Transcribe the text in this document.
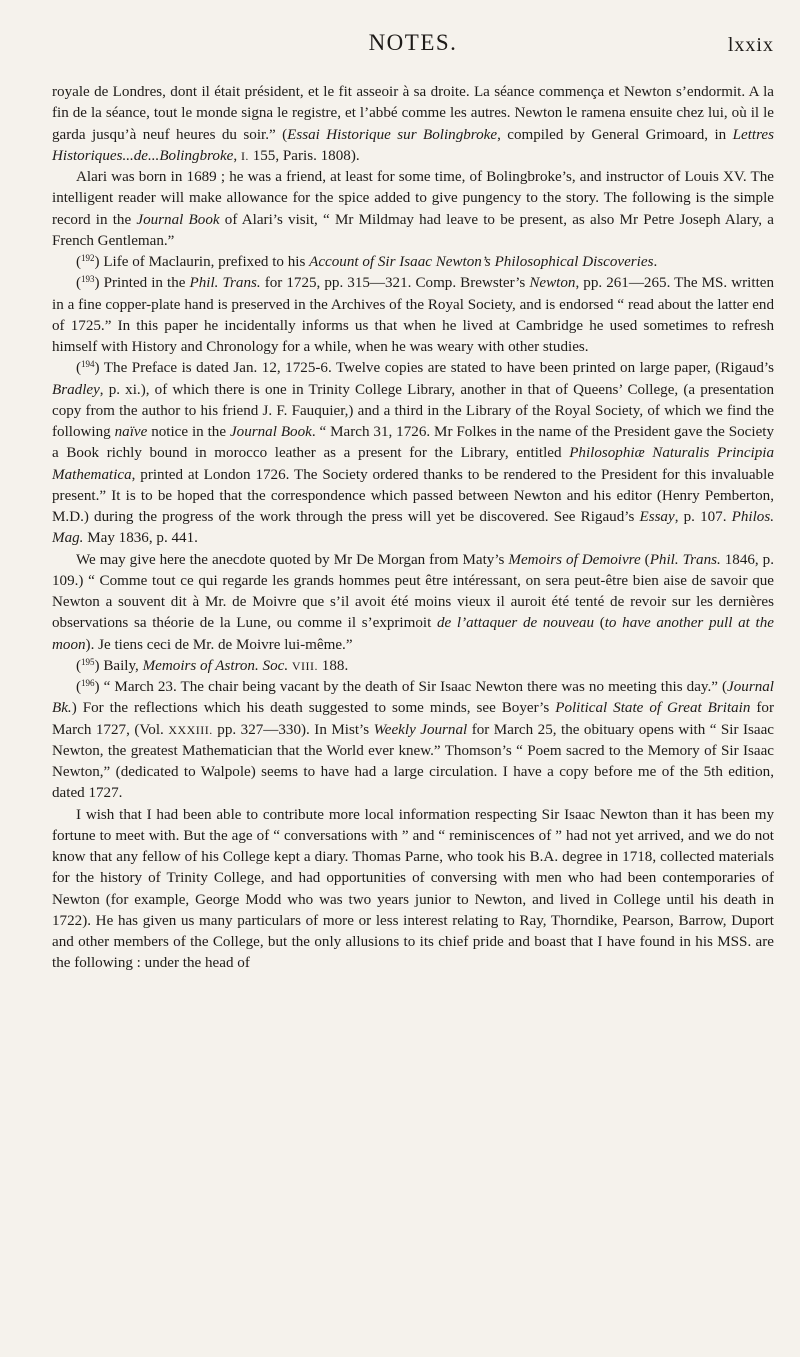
NOTES.	lxxix

royale de Londres, dont il était président, et le fit asseoir à sa droite. La séance commença et Newton s’endormit. A la fin de la séance, tout le monde signa le registre, et l’abbé comme les autres. Newton le ramena ensuite chez lui, où il le garda jusqu’à neuf heures du soir.” (Essai Historique sur Bolingbroke, compiled by General Grimoard, in Lettres Historiques...de...Bolingbroke, I. 155, Paris. 1808).

Alari was born in 1689 ; he was a friend, at least for some time, of Bolingbroke’s, and instructor of Louis XV. The intelligent reader will make allowance for the spice added to give pungency to the story. The following is the simple record in the Journal Book of Alari’s visit, “ Mr Mildmay had leave to be present, as also Mr Petre Joseph Alary, a French Gentleman.”

($^{192}$) Life of Maclaurin, prefixed to his Account of Sir Isaac Newton’s Philosophical Discoveries.

($^{193}$) Printed in the Phil. Trans. for 1725, pp. 315—321. Comp. Brewster’s Newton, pp. 261—265. The MS. written in a fine copper-plate hand is preserved in the Archives of the Royal Society, and is endorsed “ read about the latter end of 1725.” In this paper he incidentally informs us that when he lived at Cambridge he used sometimes to refresh himself with History and Chronology for a while, when he was weary with other studies.

($^{194}$) The Preface is dated Jan. 12, 1725-6. Twelve copies are stated to have been printed on large paper, (Rigaud’s Bradley, p. xi.), of which there is one in Trinity College Library, another in that of Queens’ College, (a presentation copy from the author to his friend J. F. Fauquier,) and a third in the Library of the Royal Society, of which we find the following naïve notice in the Journal Book. “ March 31, 1726. Mr Folkes in the name of the President gave the Society a Book richly bound in morocco leather as a present for the Library, entitled Philosophiæ Naturalis Principia Mathematica, printed at London 1726. The Society ordered thanks to be rendered to the President for this invaluable present.” It is to be hoped that the correspondence which passed between Newton and his editor (Henry Pemberton, M.D.) during the progress of the work through the press will yet be discovered. See Rigaud’s Essay, p. 107. Philos. Mag. May 1836, p. 441.

We may give here the anecdote quoted by Mr De Morgan from Maty’s Memoirs of Demoivre (Phil. Trans. 1846, p. 109.) “ Comme tout ce qui regarde les grands hommes peut être intéressant, on sera peut-être bien aise de savoir que Newton a souvent dit à Mr. de Moivre que s’il avoit été moins vieux il auroit été tenté de revoir sur les dernières observations sa théorie de la Lune, ou comme il s’exprimoit de l’attaquer de nouveau (to have another pull at the moon). Je tiens ceci de Mr. de Moivre lui-même.”

($^{195}$) Baily, Memoirs of Astron. Soc. VIII. 188.

($^{196}$) “ March 23. The chair being vacant by the death of Sir Isaac Newton there was no meeting this day.” (Journal Bk.) For the reflections which his death suggested to some minds, see Boyer’s Political State of Great Britain for March 1727, (Vol. XXXIII. pp. 327—330). In Mist’s Weekly Journal for March 25, the obituary opens with “ Sir Isaac Newton, the greatest Mathematician that the World ever knew.” Thomson’s “ Poem sacred to the Memory of Sir Isaac Newton,” (dedicated to Walpole) seems to have had a large circulation. I have a copy before me of the 5th edition, dated 1727.

I wish that I had been able to contribute more local information respecting Sir Isaac Newton than it has been my fortune to meet with. But the age of “ conversations with ” and “ reminiscences of ” had not yet arrived, and we do not know that any fellow of his College kept a diary. Thomas Parne, who took his B.A. degree in 1718, collected materials for the history of Trinity College, and had opportunities of conversing with men who had been contemporaries of Newton (for example, George Modd who was two years junior to Newton, and lived in College until his death in 1722). He has given us many particulars of more or less interest relating to Ray, Thorndike, Pearson, Barrow, Duport and other members of the College, but the only allusions to its chief pride and boast that I have found in his MSS. are the following : under the head of
